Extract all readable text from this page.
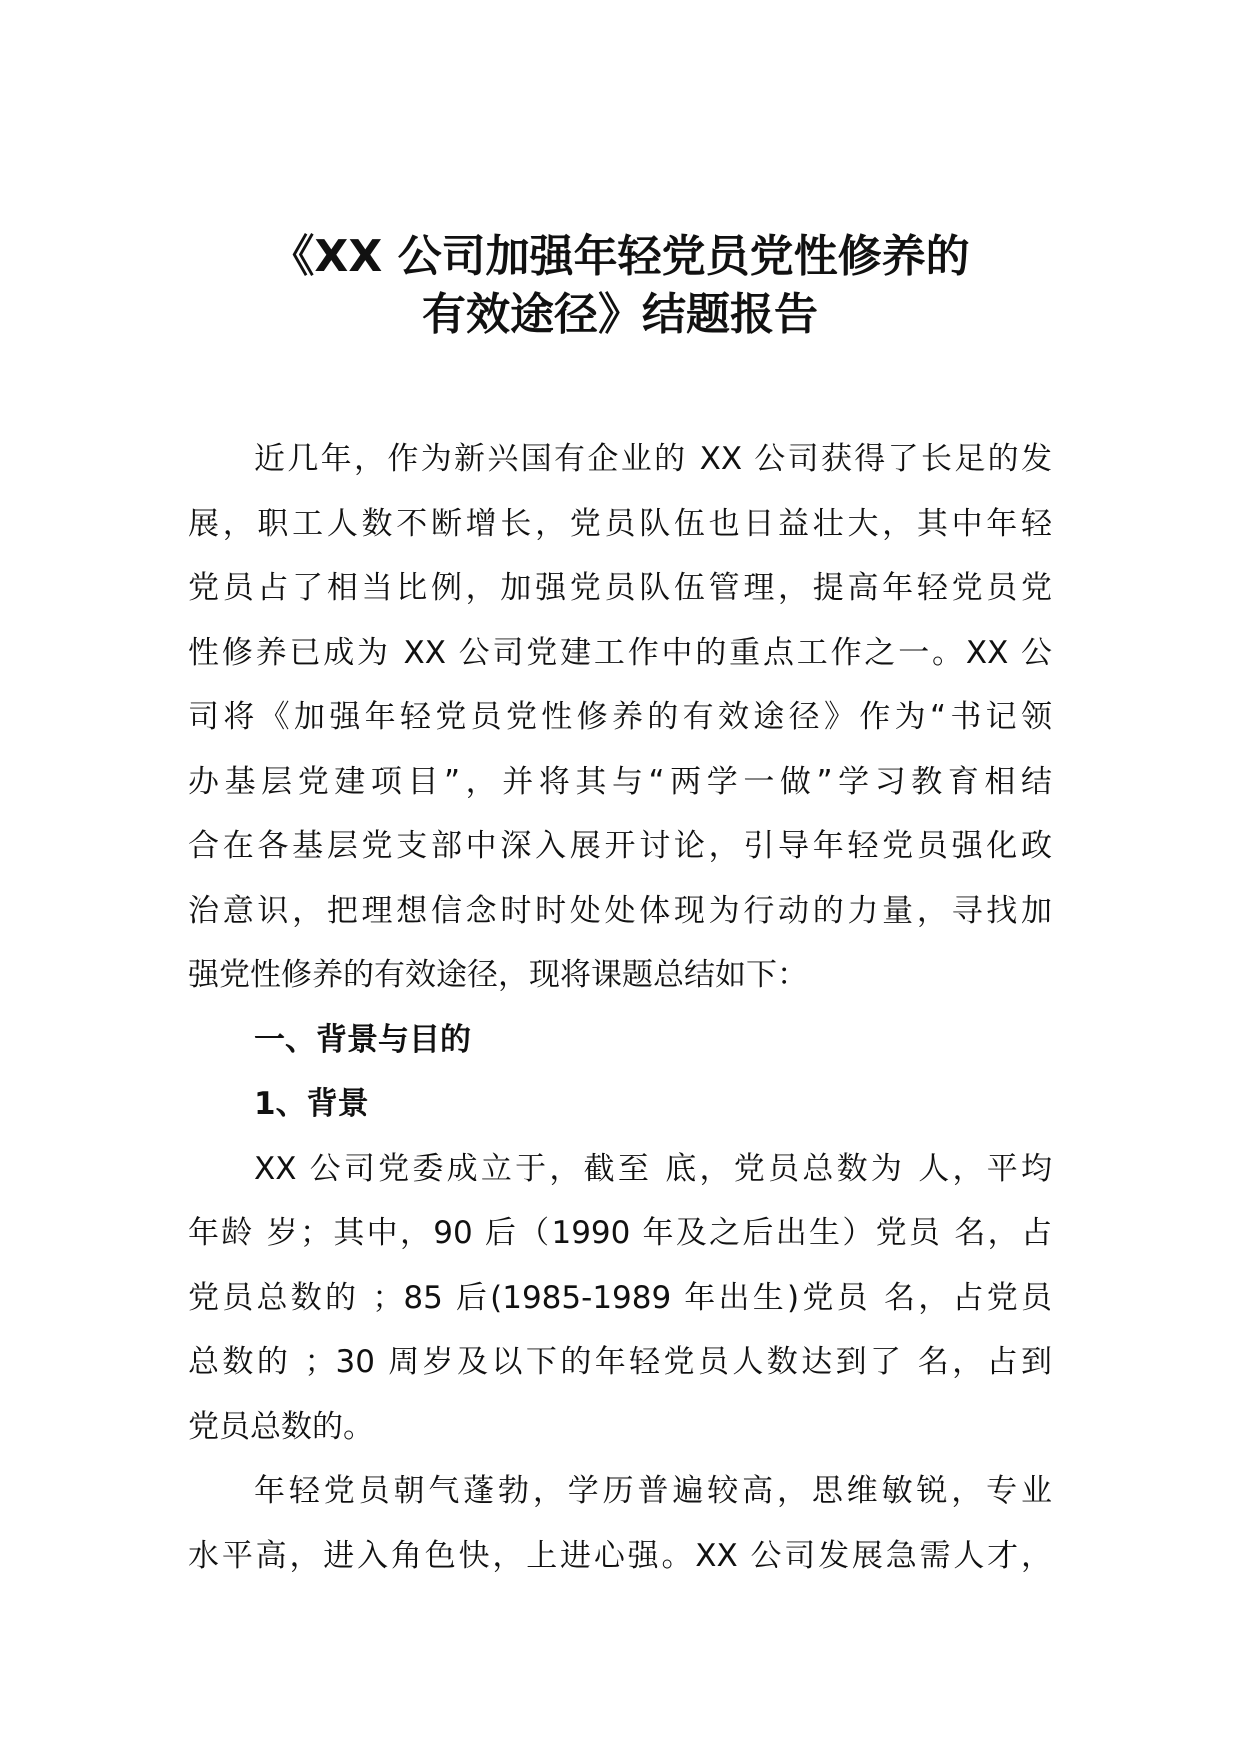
《XX 公司加强年轻党员党性修养的
有效途径》结题报告
近几年，作为新兴国有企业的 XX 公司获得了长足的发
展，职工人数不断增长，党员队伍也日益壮大，其中年轻
党员占了相当比例，加强党员队伍管理，提高年轻党员党
性修养已成为 XX 公司党建工作中的重点工作之一。XX 公
司将《加强年轻党员党性修养的有效途径》作为“书记领
办基层党建项目”，并将其与“两学一做”学习教育相结
合在各基层党支部中深入展开讨论，引导年轻党员强化政
治意识，把理想信念时时处处体现为行动的力量，寻找加
强党性修养的有效途径，现将课题总结如下：
一、背景与目的
1、背景
XX 公司党委成立于，截至 底，党员总数为 人，平均
年龄 岁；其中，90 后（1990 年及之后出生）党员 名，占
党员总数的 ；85 后(1985-1989 年出生)党员 名，占党员
总数的 ；30 周岁及以下的年轻党员人数达到了 名，占到
党员总数的。
年轻党员朝气蓬勃，学历普遍较高，思维敏锐，专业
水平高，进入角色快，上进心强。XX 公司发展急需人才，
